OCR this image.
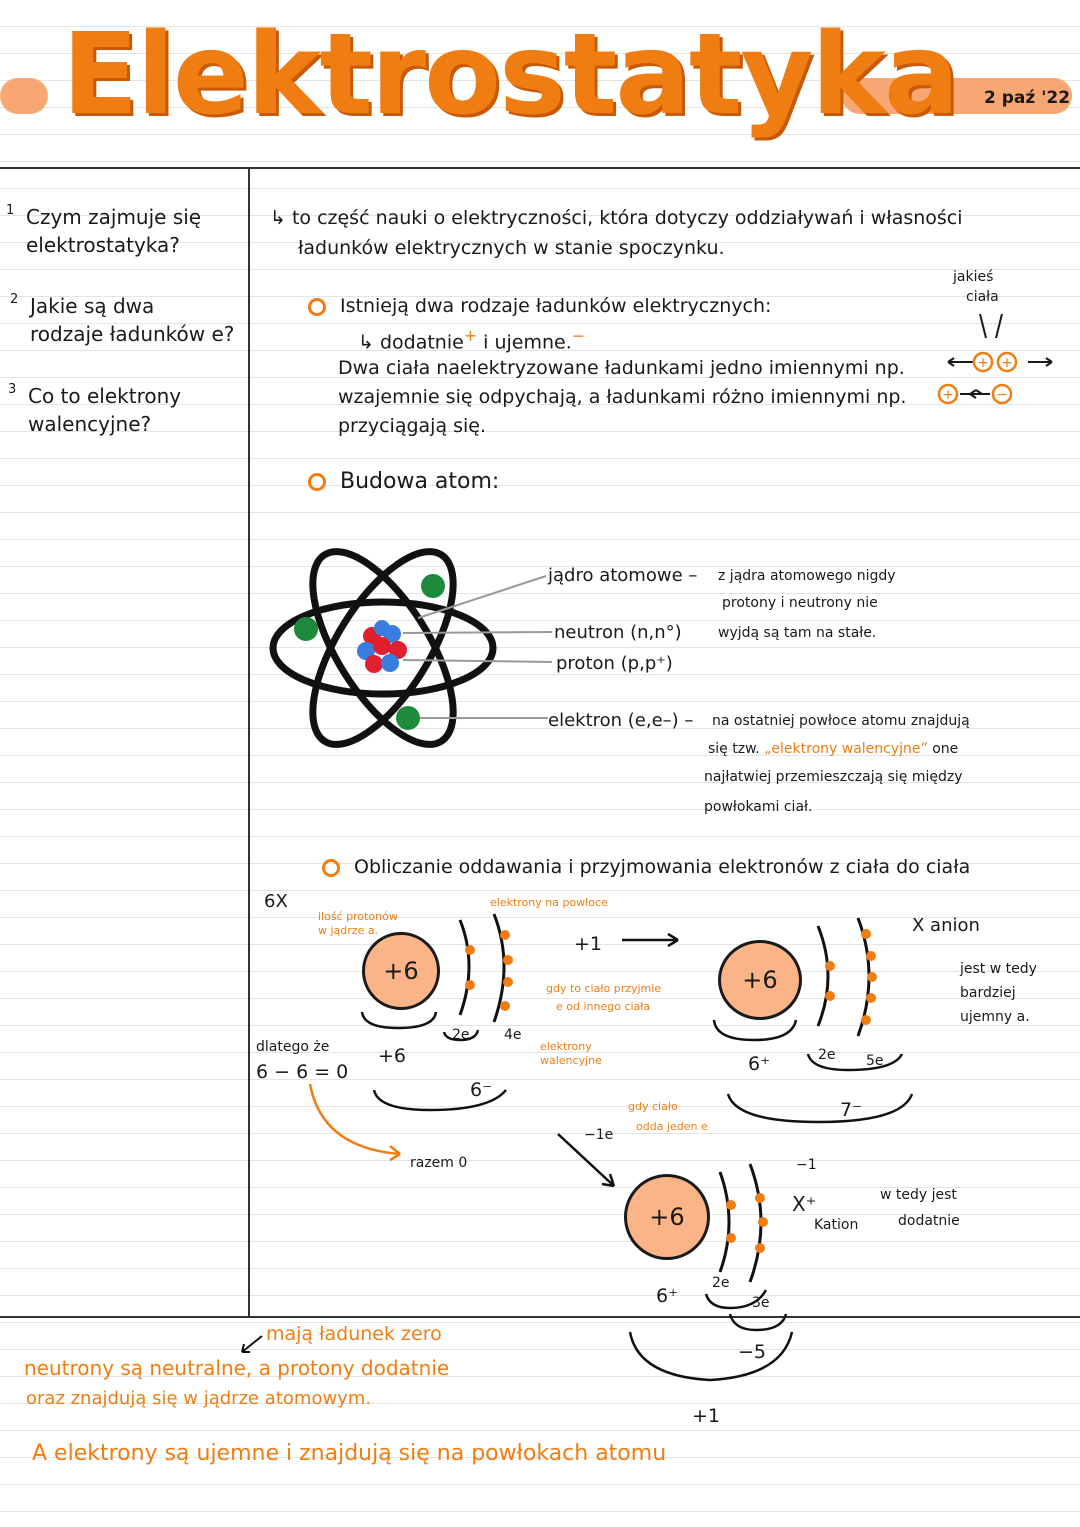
Elektrostatyka 2 paź '22
1 Czym zajmuje się
elektrostatyka?
2 Jakie są dwa
rodzaje ładunków e?
3 Co to elektrony
walencyjne?
↳ to część nauki o elektryczności, która dotyczy oddziaływań i własności
ładunków elektrycznych w stanie spoczynku.
Istnieją dwa rodzaje ładunków elektrycznych:
↳ dodatnie+ i ujemne.−
Dwa ciała naelektryzowane ładunkami jedno imiennymi np.
wzajemnie się odpychają, a ładunkami różno imiennymi np.
przyciągają się.
jakieś
ciała
+ +
+	−
Budowa atom:
jądro atomowe – z jądra atomowego nigdy
protony i neutrony nie
wyjdą są tam na stałe.
neutron (n,n°)
proton (p,p⁺)
elektron (e,e–) – na ostatniej powłoce atomu znajdują
się tzw. „elektrony walencyjne” one
najłatwiej przemieszczają się między
powłokami ciał.
Obliczanie oddawania i przyjmowania elektronów z ciała do ciała
6X
ilość protonów w jądrze a.
elektrony na powłoce
+6
+6
2e 4e
6⁻
elektrony walencyjne
dlatego że
6 − 6 = 0
razem 0
+1
gdy to ciało przyjmie
e od innego ciała
+6
6⁺	2e 5e
7⁻
−1
X anion
jest w tedy
bardziej
ujemny a.
−1e
gdy ciało
odda jeden e
+6
6⁺
2e
3e
−5
+1
X⁺
Kation
w tedy jest
dodatnie
mają ładunek zero
neutrony są neutralne, a protony dodatnie
oraz znajdują się w jądrze atomowym.
A elektrony są ujemne i znajdują się na powłokach atomu
